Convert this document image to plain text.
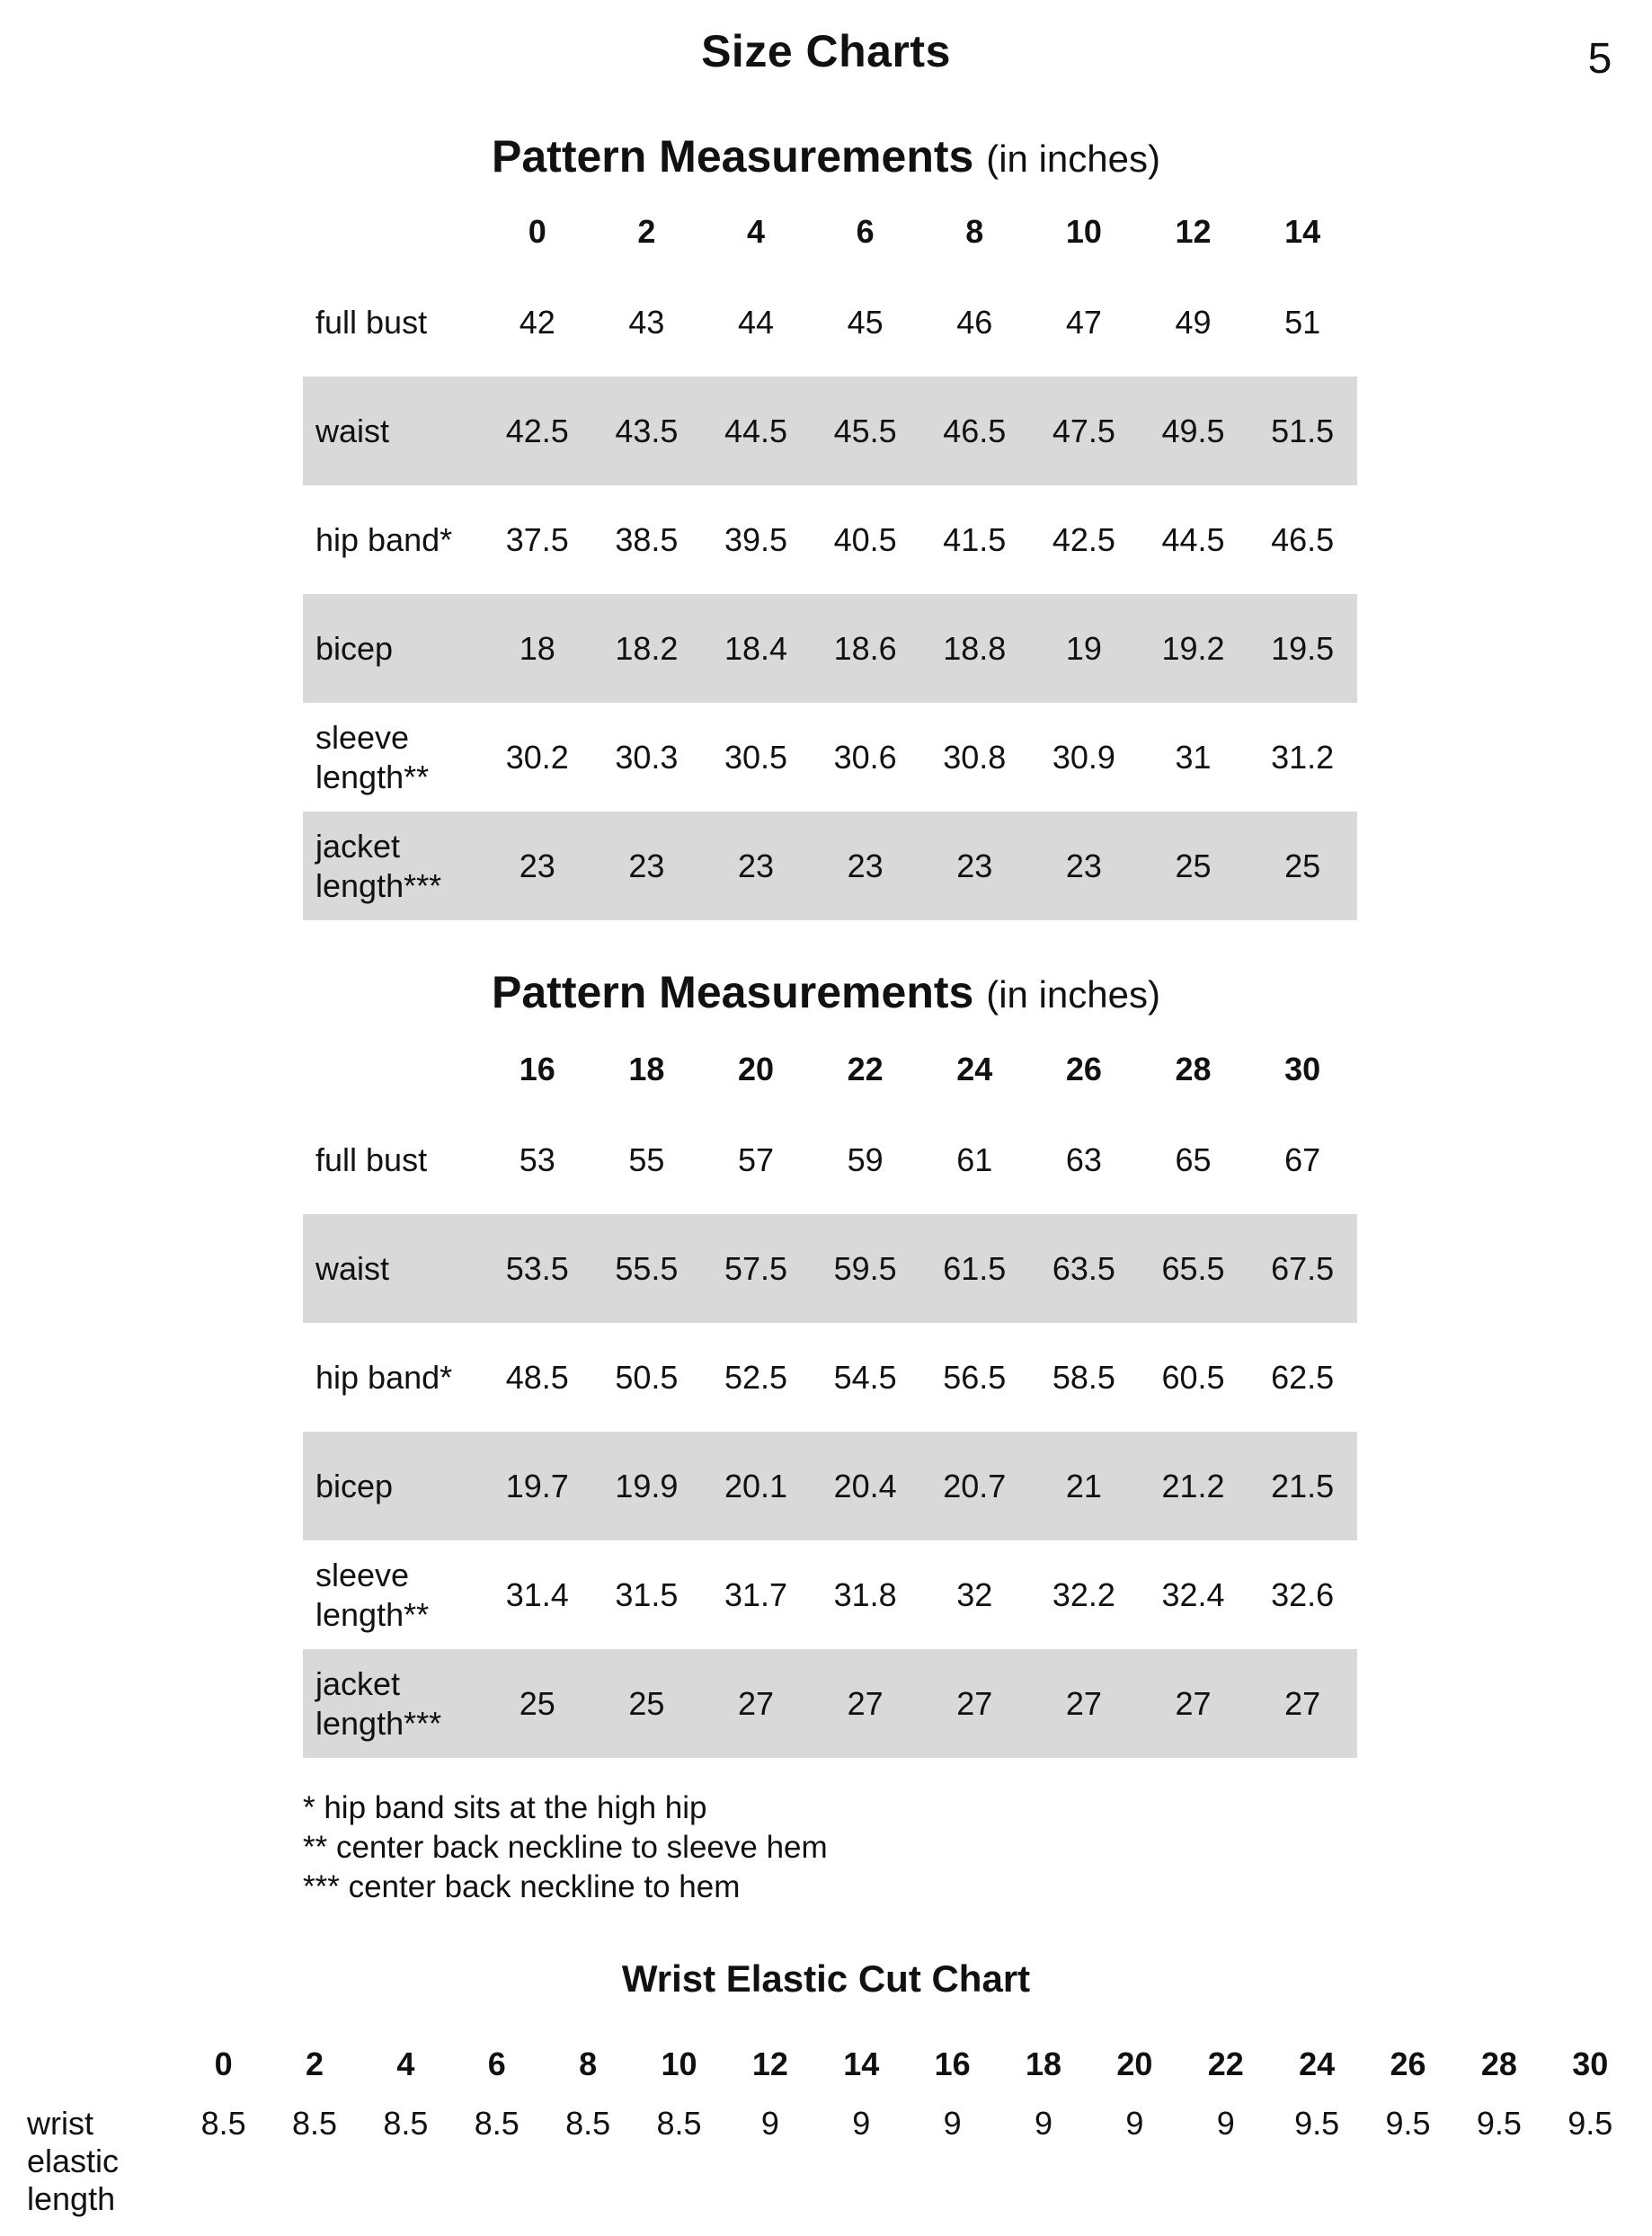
Size Charts	5
Pattern Measurements (in inches)
	0	2	4	6	8	10	12	14
full bust	42	43	44	45	46	47	49	51
waist	42.5	43.5	44.5	45.5	46.5	47.5	49.5	51.5
hip band*	37.5	38.5	39.5	40.5	41.5	42.5	44.5	46.5
bicep	18	18.2	18.4	18.6	18.8	19	19.2	19.5
sleeve
length**	30.2	30.3	30.5	30.6	30.8	30.9	31	31.2
jacket
length***	23	23	23	23	23	23	25	25
Pattern Measurements (in inches)
	16	18	20	22	24	26	28	30
full bust	53	55	57	59	61	63	65	67
waist	53.5	55.5	57.5	59.5	61.5	63.5	65.5	67.5
hip band*	48.5	50.5	52.5	54.5	56.5	58.5	60.5	62.5
bicep	19.7	19.9	20.1	20.4	20.7	21	21.2	21.5
sleeve
length**	31.4	31.5	31.7	31.8	32	32.2	32.4	32.6
jacket
length***	25	25	27	27	27	27	27	27
* hip band sits at the high hip
** center back neckline to sleeve hem
*** center back neckline to hem
Wrist Elastic Cut Chart
	0	2	4	6	8	10	12	14	16	18	20	22	24	26	28	30
wrist
elastic
length	8.5	8.5	8.5	8.5	8.5	8.5	9	9	9	9	9	9	9.5	9.5	9.5	9.5
